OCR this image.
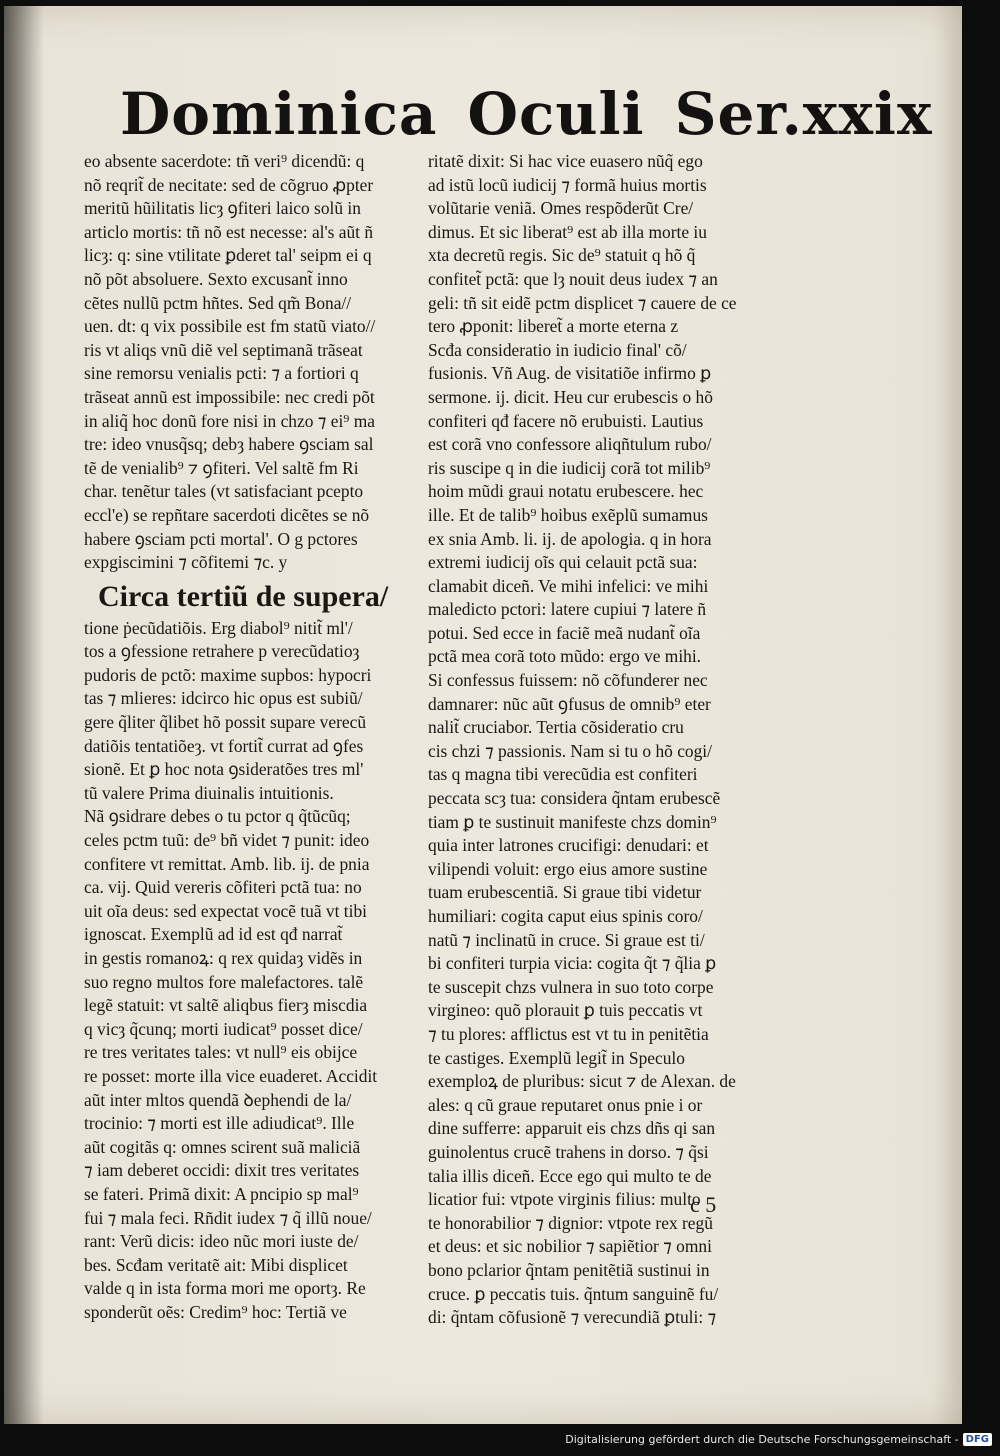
Dominica Oculi Ser.xxix
eo absente sacerdote: tñ veri⁹ dicendũ: q
nõ reqrit̃ de necitate: sed de cõgruo ꝓpter
meritũ hũilitatis licȝ ꝯfiteri laico solũ in
articlo mortis: tñ nõ est necesse: al's aũt ñ
licȝ: q: sine vtilitate ꝑderet tal' seipm ei q
nõ põt absoluere. Sexto excusant̃ inno
cẽtes nullũ pctm hñtes. Sed qm̃ Bona//
uen. dt: q vix possibile est fm statũ viato//
ris vt aliqs vnũ diẽ vel septimanã trãseat
sine remorsu venialis pcti: ⁊ a fortiori q
trãseat annũ est impossibile: nec credi põt
in aliq̃ hoc donũ fore nisi in chzo ⁊ ei⁹ ma
tre: ideo vnusq̃sq; debȝ habere ꝯsciam sal
tẽ de venialib⁹ ⁊ ꝯfiteri. Vel saltẽ fm Ri
char. tenẽtur tales (vt satisfaciant pcepto
eccl'e) se repñtare sacerdoti dicẽtes se nõ
habere ꝯsciam pcti mortal'. O g pctores
expgiscimini ⁊ cõfitemi ⁊c. y
Circa tertiũ de supera/
tione ṗecũdatiõis. Erg diabol⁹ nitit̃ ml'/
tos a ꝯfessione retrahere p verecũdatioȝ
pudoris de pctõ: maxime supbos: hypocri
tas ⁊ mlieres: idcirco hic opus est subiũ/
gere q̃liter q̃libet hõ possit supare verecũ
datiõis tentatiõeȝ. vt fortit̃ currat ad ꝯfes
sionẽ. Et ꝑ hoc nota ꝯsideratões tres ml'
tũ valere Prima diuinalis intuitionis.
Nã ꝯsidrare debes o tu pctor q q̃tũcũq;
celes pctm tuũ: de⁹ bñ videt ⁊ punit: ideo
confitere vt remittat. Amb. lib. ij. de pnia
ca. vij. Quid vereris cõfiteri pctã tua: no
uit oĩa deus: sed expectat vocẽ tuã vt tibi
ignoscat. Exemplũ ad id est qđ narrat̃
in gestis romanoꝝ: q rex quidaȝ vidẽs in
suo regno multos fore malefactores. talẽ
legẽ statuit: vt saltẽ aliqbus fierȝ miscdia
q vicȝ q̃cunq; morti iudicat⁹ posset dice/
re tres veritates tales: vt null⁹ eis obijce
re posset: morte illa vice euaderet. Accidit
aũt inter mltos quendã ꝺephendi de la/
trocinio: ⁊ morti est ille adiudicat⁹. Ille
aũt cogitãs q: omnes scirent suã maliciã
⁊ iam deberet occidi: dixit tres veritates
se fateri. Primã dixit: A pncipio sp mal⁹
fui ⁊ mala feci. Rñdit iudex ⁊ q̃ illũ noue/
rant: Verũ dicis: ideo nũc mori iuste de/
bes. Scđam veritatẽ ait: Mibi displicet
valde q in ista forma mori me oportȝ. Re
sponderũt oẽs: Credim⁹ hoc: Tertiã ve
ritatẽ dixit: Si hac vice euasero nũq̃ ego
ad istũ locũ iudicij ⁊ formã huius mortis
volũtarie veniã. Omes respõderũt Cre/
dimus. Et sic liberat⁹ est ab illa morte iu
xta decretũ regis. Sic de⁹ statuit q hõ q̃
confitet̃ pctã: que lȝ nouit deus iudex ⁊ an
geli: tñ sit eidẽ pctm displicet ⁊ cauere de ce
tero ꝓponit: liberet̃ a morte eterna z
Scđa consideratio in iudicio final' cõ/
fusionis. Vñ Aug. de visitatiõe infirmo ꝑ
sermone. ij. dicit. Heu cur erubescis o hõ
confiteri qđ facere nõ erubuisti. Lautius
est corã vno confessore aliqñtulum rubo/
ris suscipe q in die iudicij corã tot milib⁹
hoim mũdi graui notatu erubescere. hec
ille. Et de talib⁹ hoibus exẽplũ sumamus
ex snia Amb. li. ij. de apologia. q in hora
extremi iudicij oĩs qui celauit pctã sua:
clamabit diceñ. Ve mihi infelici: ve mihi
maledicto pctori: latere cupiui ⁊ latere ñ
potui. Sed ecce in faciẽ meã nudant̃ oĩa
pctã mea corã toto mũdo: ergo ve mihi.
Si confessus fuissem: nõ cõfunderer nec
damnarer: nũc aũt ꝯfusus de omnib⁹ eter
nalit̃ cruciabor. Tertia cõsideratio cru
cis chzi ⁊ passionis. Nam si tu o hõ cogi/
tas q magna tibi verecũdia est confiteri
peccata scȝ tua: considera q̃ntam erubescẽ
tiam ꝑ te sustinuit manifeste chzs domin⁹
quia inter latrones crucifigi: denudari: et
vilipendi voluit: ergo eius amore sustine
tuam erubescentiã. Si graue tibi videtur
humiliari: cogita caput eius spinis coro/
natũ ⁊ inclinatũ in cruce. Si graue est ti/
bi confiteri turpia vicia: cogita q̃t ⁊ q̃lia ꝑ
te suscepit chzs vulnera in suo toto corpe
virgineo: quõ plorauit ꝑ tuis peccatis vt
⁊ tu plores: afflictus est vt tu in penitẽtia
te castiges. Exemplũ legit̃ in Speculo
exemploꝝ de pluribus: sicut ⁊ de Alexan. de
ales: q cũ graue reputaret onus pnie i or
dine sufferre: apparuit eis chzs dñs qi san
guinolentus crucẽ trahens in dorso. ⁊ q̃si
talia illis diceñ. Ecce ego qui multo te de
licatior fui: vtpote virginis filius: multo
te honorabilior ⁊ dignior: vtpote rex regũ
et deus: et sic nobilior ⁊ sapiẽtior ⁊ omni
bono pclarior q̃ntam penitẽtiã sustinui in
cruce. ꝑ peccatis tuis. q̃ntum sanguinẽ fu/
di: q̃ntam cõfusionẽ ⁊ verecundiã ꝑtuli: ⁊
c 5
Digitalisierung gefördert durch die Deutsche Forschungsgemeinschaft - DFG
